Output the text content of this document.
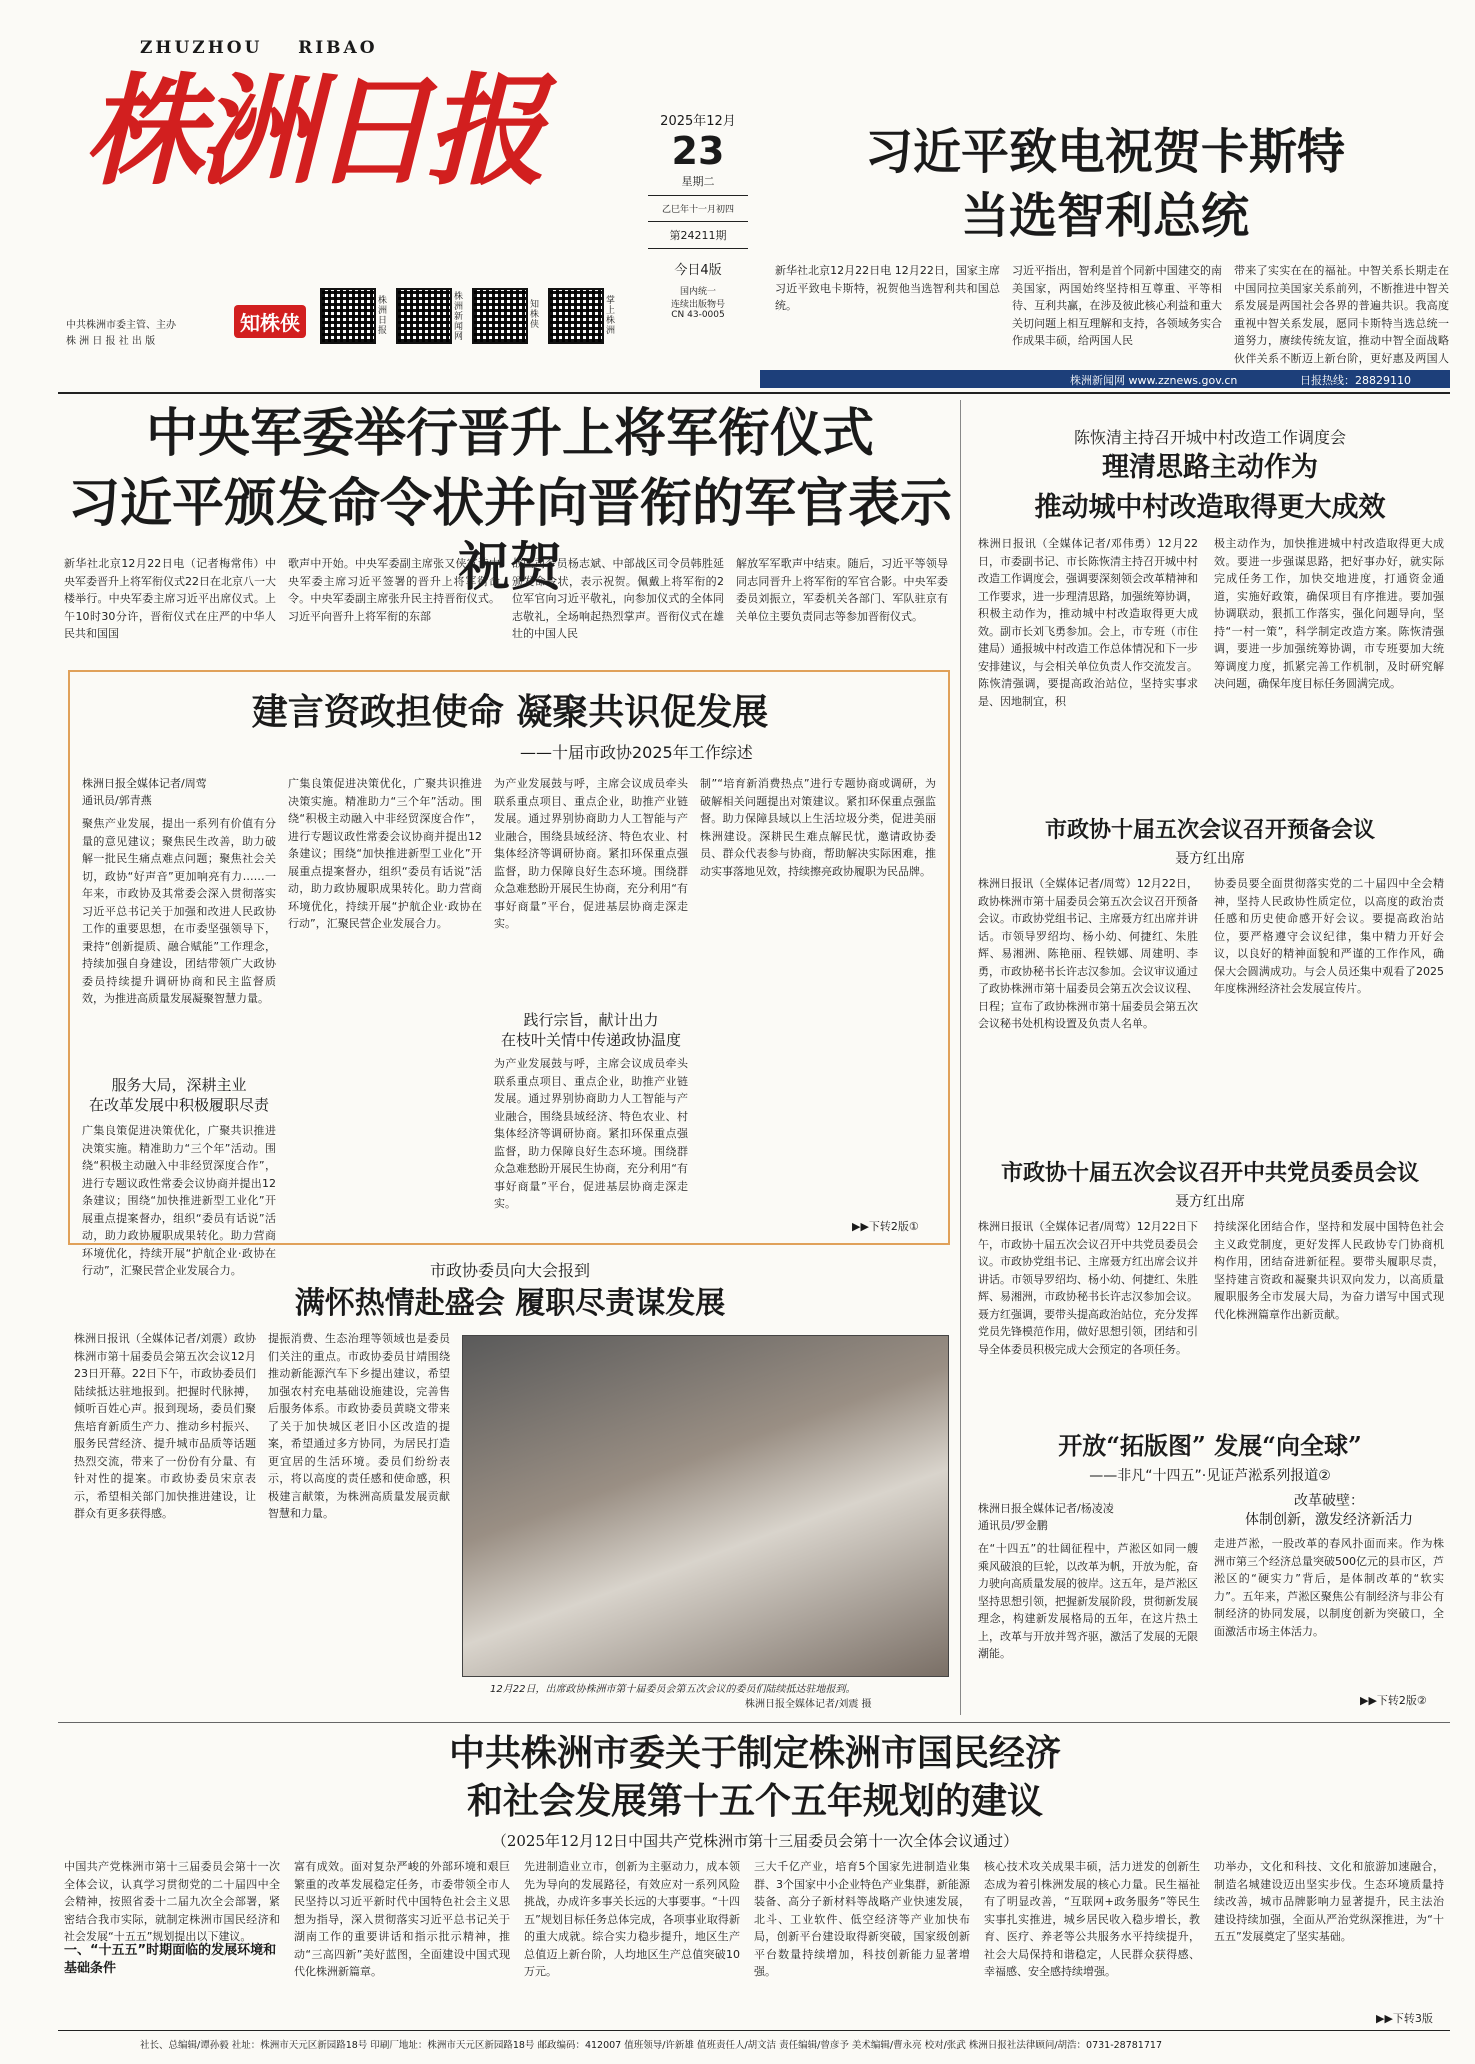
ZHUZHOU    RIBAO
株洲日报
中共株洲市委主管、主办
株 洲 日 报 社 出 版
知株侠
株洲日报
株洲新闻网
知株侠
掌上株洲
2025年12月
23
星期二
乙巳年十一月初四
第24211期
今日4版
国内统一
连续出版物号
CN 43-0005
习近平致电祝贺卡斯特
当选智利总统
新华社北京12月22日电 12月22日，国家主席习近平致电卡斯特，祝贺他当选智利共和国总统。
习近平指出，智利是首个同新中国建交的南美国家，两国始终坚持相互尊重、平等相待、互利共赢，在涉及彼此核心利益和重大关切问题上相互理解和支持，各领域务实合作成果丰硕，给两国人民
带来了实实在在的福祉。中智关系长期走在中国同拉美国家关系前列，不断推进中智关系发展是两国社会各界的普遍共识。我高度重视中智关系发展，愿同卡斯特当选总统一道努力，赓续传统友谊，推动中智全面战略伙伴关系不断迈上新台阶，更好惠及两国人
株洲新闻网 www.zznews.gov.cn	日报热线：28829110
中央军委举行晋升上将军衔仪式
习近平颁发命令状并向晋衔的军官表示祝贺
新华社北京12月22日电（记者梅常伟）中央军委晋升上将军衔仪式22日在北京八一大楼举行。中央军委主席习近平出席仪式。上午10时30分许，晋衔仪式在庄严的中华人民共和国国
歌声中开始。中央军委副主席张又侠宣读中央军委主席习近平签署的晋升上将军衔命令。中央军委副主席张升民主持晋衔仪式。习近平向晋升上将军衔的东部
战区司令员杨志斌、中部战区司令员韩胜延颁发命令状，表示祝贺。佩戴上将军衔的2位军官向习近平敬礼，向参加仪式的全体同志敬礼，全场响起热烈掌声。晋衔仪式在雄壮的中国人民
解放军军歌声中结束。随后，习近平等领导同志同晋升上将军衔的军官合影。中央军委委员刘振立，军委机关各部门、军队驻京有关单位主要负责同志等参加晋衔仪式。
建言资政担使命 凝聚共识促发展
——十届市政协2025年工作综述
株洲日报全媒体记者/周莺
通讯员/郭青燕
聚焦产业发展，提出一系列有价值有分量的意见建议；聚焦民生改善，助力破解一批民生痛点难点问题；聚焦社会关切，政协“好声音”更加响亮有力……一年来，市政协及其常委会深入贯彻落实习近平总书记关于加强和改进人民政协工作的重要思想，在市委坚强领导下，秉持“创新提质、融合赋能”工作理念，持续加强自身建设，团结带领广大政协委员持续提升调研协商和民主监督质效，为推进高质量发展凝聚智慧力量。
服务大局，深耕主业
在改革发展中积极履职尽责
广集良策促进决策优化，广聚共识推进决策实施。精准助力“三个年”活动。围绕“积极主动融入中非经贸深度合作”，进行专题议政性常委会议协商并提出12条建议；围绕“加快推进新型工业化”开展重点提案督办，组织“委员有话说”活动，助力政协履职成果转化。助力营商环境优化，持续开展“护航企业·政协在行动”，汇聚民营企业发展合力。
广集良策促进决策优化，广聚共识推进决策实施。精准助力“三个年”活动。围绕“积极主动融入中非经贸深度合作”，进行专题议政性常委会议协商并提出12条建议；围绕“加快推进新型工业化”开展重点提案督办，组织“委员有话说”活动，助力政协履职成果转化。助力营商环境优化，持续开展“护航企业·政协在行动”，汇聚民营企业发展合力。
为产业发展鼓与呼，主席会议成员牵头联系重点项目、重点企业，助推产业链发展。通过界别协商助力人工智能与产业融合，围绕县域经济、特色农业、村集体经济等调研协商。紧扣环保重点强监督，助力保障良好生态环境。围绕群众急难愁盼开展民生协商，充分利用“有事好商量”平台，促进基层协商走深走实。
践行宗旨，献计出力
在枝叶关情中传递政协温度
为产业发展鼓与呼，主席会议成员牵头联系重点项目、重点企业，助推产业链发展。通过界别协商助力人工智能与产业融合，围绕县域经济、特色农业、村集体经济等调研协商。紧扣环保重点强监督，助力保障良好生态环境。围绕群众急难愁盼开展民生协商，充分利用“有事好商量”平台，促进基层协商走深走实。
制”“培育新消费热点”进行专题协商或调研，为破解相关问题提出对策建议。紧扣环保重点强监督。助力保障县域以上生活垃圾分类，促进美丽株洲建设。深耕民生难点解民忧，邀请政协委员、群众代表参与协商，帮助解决实际困难，推动实事落地见效，持续擦亮政协履职为民品牌。
▶▶下转2版①
市政协委员向大会报到
满怀热情赴盛会 履职尽责谋发展
株洲日报讯（全媒体记者/刘震）政协株洲市第十届委员会第五次会议12月23日开幕。22日下午，市政协委员们陆续抵达驻地报到。把握时代脉搏，倾听百姓心声。报到现场，委员们聚焦培育新质生产力、推动乡村振兴、服务民营经济、提升城市品质等话题热烈交流，带来了一份份有分量、有针对性的提案。市政协委员宋京表示，希望相关部门加快推进建设，让群众有更多获得感。
提振消费、生态治理等领域也是委员们关注的重点。市政协委员甘靖围绕推动新能源汽车下乡提出建议，希望加强农村充电基础设施建设，完善售后服务体系。市政协委员黄晓文带来了关于加快城区老旧小区改造的提案，希望通过多方协同，为居民打造更宜居的生活环境。委员们纷纷表示，将以高度的责任感和使命感，积极建言献策，为株洲高质量发展贡献智慧和力量。
12月22日，出席政协株洲市第十届委员会第五次会议的委员们陆续抵达驻地报到。
株洲日报全媒体记者/刘震 摄
陈恢清主持召开城中村改造工作调度会
理清思路主动作为
推动城中村改造取得更大成效
株洲日报讯（全媒体记者/邓伟勇）12月22日，市委副书记、市长陈恢清主持召开城中村改造工作调度会，强调要深刻领会改革精神和工作要求，进一步理清思路，加强统筹协调，积极主动作为，推动城中村改造取得更大成效。副市长刘飞勇参加。会上，市专班（市住建局）通报城中村改造工作总体情况和下一步安排建议，与会相关单位负责人作交流发言。陈恢清强调，要提高政治站位，坚持实事求是、因地制宜，积
极主动作为，加快推进城中村改造取得更大成效。要进一步强谋思路，把好事办好，就实际完成任务工作，加快交地进度，打通资金通道，实施好政策，确保项目有序推进。要加强协调联动，狠抓工作落实，强化问题导向，坚持“一村一策”，科学制定改造方案。陈恢清强调，要进一步加强统筹协调，市专班要加大统筹调度力度，抓紧完善工作机制，及时研究解决问题，确保年度目标任务圆满完成。
市政协十届五次会议召开预备会议
聂方红出席
株洲日报讯（全媒体记者/周莺）12月22日，政协株洲市第十届委员会第五次会议召开预备会议。市政协党组书记、主席聂方红出席并讲话。市领导罗绍均、杨小幼、何捷红、朱胜辉、易湘洲、陈艳丽、程铁娜、周建明、李勇，市政协秘书长许志汉参加。会议审议通过了政协株洲市第十届委员会第五次会议议程、日程；宣布了政协株洲市第十届委员会第五次会议秘书处机构设置及负责人名单。
协委员要全面贯彻落实党的二十届四中全会精神，坚持人民政协性质定位，以高度的政治责任感和历史使命感开好会议。要提高政治站位，要严格遵守会议纪律，集中精力开好会议，以良好的精神面貌和严谨的工作作风，确保大会圆满成功。与会人员还集中观看了2025年度株洲经济社会发展宣传片。
市政协十届五次会议召开中共党员委员会议
聂方红出席
株洲日报讯（全媒体记者/周莺）12月22日下午，市政协十届五次会议召开中共党员委员会议。市政协党组书记、主席聂方红出席会议并讲话。市领导罗绍均、杨小幼、何捷红、朱胜辉、易湘洲，市政协秘书长许志汉参加会议。聂方红强调，要带头提高政治站位，充分发挥党员先锋模范作用，做好思想引领，团结和引导全体委员积极完成大会预定的各项任务。
持续深化团结合作，坚持和发展中国特色社会主义政党制度，更好发挥人民政协专门协商机构作用，团结奋进新征程。要带头履职尽责，坚持建言资政和凝聚共识双向发力，以高质量履职服务全市发展大局，为奋力谱写中国式现代化株洲篇章作出新贡献。
开放“拓版图” 发展“向全球”
——非凡“十四五”·见证芦淞系列报道②
株洲日报全媒体记者/杨凌凌
通讯员/罗金鹏
在“十四五”的壮阔征程中，芦淞区如同一艘乘风破浪的巨轮，以改革为帆，开放为舵，奋力驶向高质量发展的彼岸。这五年，是芦淞区坚持思想引领，把握新发展阶段，贯彻新发展理念，构建新发展格局的五年，在这片热土上，改革与开放并驾齐驱，激活了发展的无限潮能。
改革破壁：
体制创新，激发经济新活力
走进芦淞，一股改革的春风扑面而来。作为株洲市第三个经济总量突破500亿元的县市区，芦淞区的“硬实力”背后，是体制改革的“软实力”。五年来，芦淞区聚焦公有制经济与非公有制经济的协同发展，以制度创新为突破口，全面激活市场主体活力。
▶▶下转2版②
中共株洲市委关于制定株洲市国民经济
和社会发展第十五个五年规划的建议
（2025年12月12日中国共产党株洲市第十三届委员会第十一次全体会议通过）
中国共产党株洲市第十三届委员会第十一次全体会议，认真学习贯彻党的二十届四中全会精神，按照省委十二届九次全会部署，紧密结合我市实际，就制定株洲市国民经济和社会发展“十五五”规划提出以下建议。
一、“十五五”时期面临的发展环境和基础条件
富有成效。面对复杂严峻的外部环境和艰巨繁重的改革发展稳定任务，市委带领全市人民坚持以习近平新时代中国特色社会主义思想为指导，深入贯彻落实习近平总书记关于湖南工作的重要讲话和指示批示精神，推动“三高四新”美好蓝图，全面建设中国式现代化株洲新篇章。
先进制造业立市，创新为主驱动力，成本领先为导向的发展路径，有效应对一系列风险挑战，办成许多事关长远的大事要事。“十四五”规划目标任务总体完成，各项事业取得新的重大成就。综合实力稳步提升，地区生产总值迈上新台阶，人均地区生产总值突破10万元。
三大千亿产业，培育5个国家先进制造业集群、3个国家中小企业特色产业集群，新能源装备、高分子新材料等战略产业快速发展，北斗、工业软件、低空经济等产业加快布局，创新平台建设取得新突破，国家级创新平台数量持续增加，科技创新能力显著增强。
核心技术攻关成果丰硕，活力迸发的创新生态成为着引株洲发展的核心力量。民生福祉有了明显改善，“互联网+政务服务”等民生实事扎实推进，城乡居民收入稳步增长，教育、医疗、养老等公共服务水平持续提升，社会大局保持和谐稳定，人民群众获得感、幸福感、安全感持续增强。
功举办，文化和科技、文化和旅游加速融合，制造名城建设迈出坚实步伐。生态环境质量持续改善，城市品牌影响力显著提升，民主法治建设持续加强，全面从严治党纵深推进，为“十五五”发展奠定了坚实基础。
▶▶下转3版
社长、总编辑/谭孙毅 社址：株洲市天元区新园路18号 印刷厂地址：株洲市天元区新园路18号 邮政编码：412007 值班领导/许新雄 值班责任人/胡文洁 责任编辑/曾彦予 美术编辑/曹永亮 校对/张武 株洲日报社法律顾问/胡浩：0731-28781717
